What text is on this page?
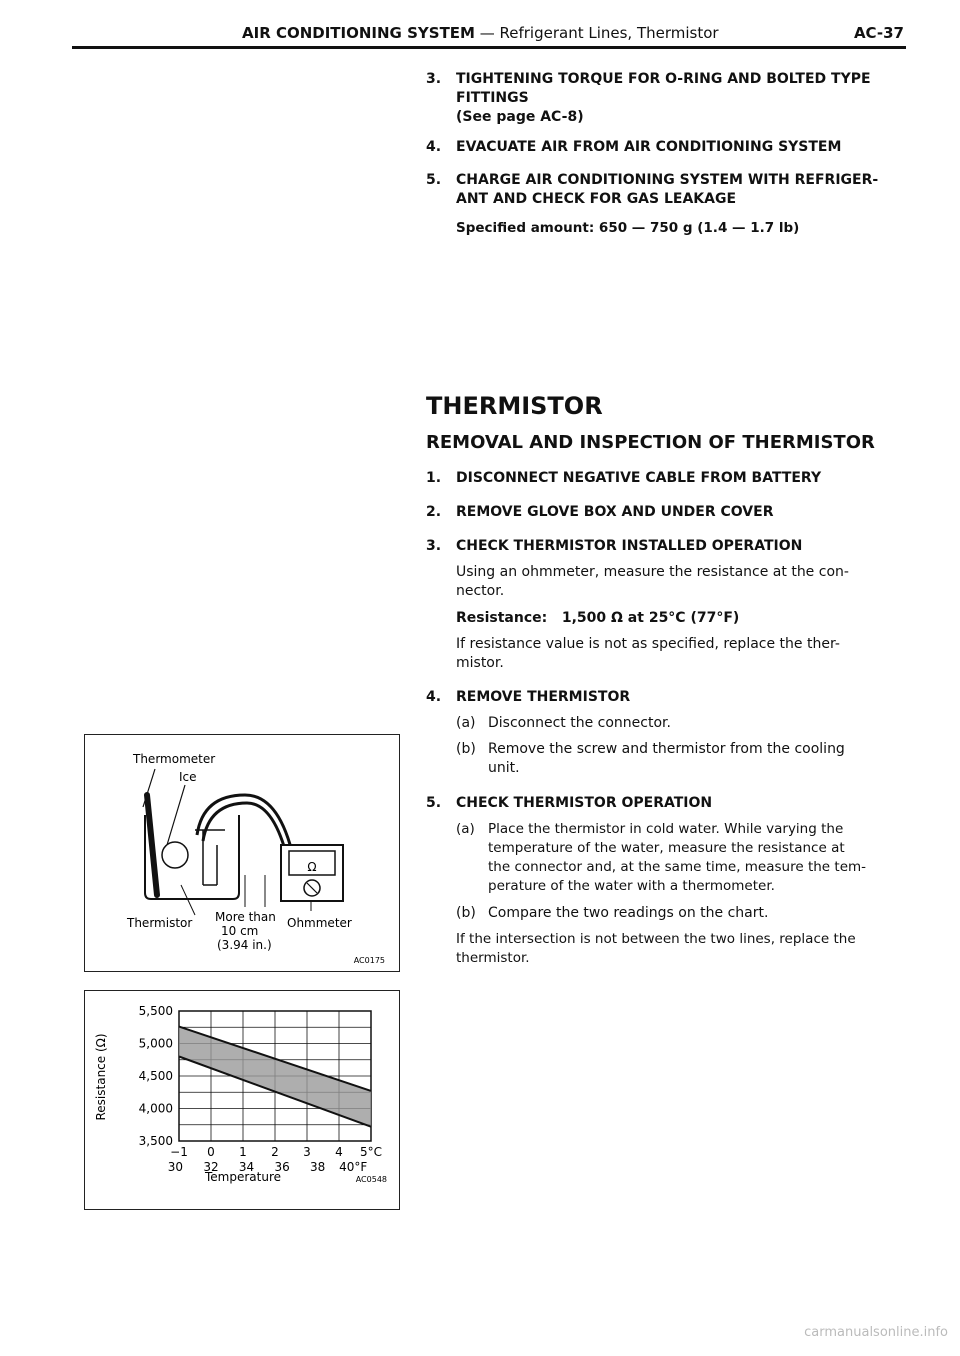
AIR CONDITIONING SYSTEM — Refrigerant Lines, Thermistor	AC-37
3.	TIGHTENING TORQUE FOR O-RING AND BOLTED TYPE
FITTINGS
(See page AC-8)
4.	EVACUATE AIR FROM AIR CONDITIONING SYSTEM
5.	CHARGE AIR CONDITIONING SYSTEM WITH REFRIGER-
ANT AND CHECK FOR GAS LEAKAGE
Specified amount: 650 — 750 g (1.4 — 1.7 lb)
THERMISTOR
REMOVAL AND INSPECTION OF THERMISTOR
1.	DISCONNECT NEGATIVE CABLE FROM BATTERY
2.	REMOVE GLOVE BOX AND UNDER COVER
3.	CHECK THERMISTOR INSTALLED OPERATION
Using an ohmmeter, measure the resistance at the con-
nector.
Resistance: 1,500 Ω at 25°C (77°F)
If resistance value is not as specified, replace the ther-
mistor.
4.	REMOVE THERMISTOR
(a) Disconnect the connector.
(b) Remove the screw and thermistor from the cooling
unit.
5.	CHECK THERMISTOR OPERATION
(a) Place the thermistor in cold water. While varying the
temperature of the water, measure the resistance at
the connector and, at the same time, measure the tem-
perature of the water with a thermometer.
(b) Compare the two readings on the chart.
If the intersection is not between the two lines, replace the
thermistor.
Thermometer
Ice
Ω
Thermistor More than
10 cm
(3.94 in.)
Ohmmeter
AC0175
5,500
5,000
4,500
4,000
3,500
−1 0 1 2 3 4 5°C
30 32 34 36 38 40°F
Resistance (Ω)
Temperature	AC0548
carmanualsonline.info
